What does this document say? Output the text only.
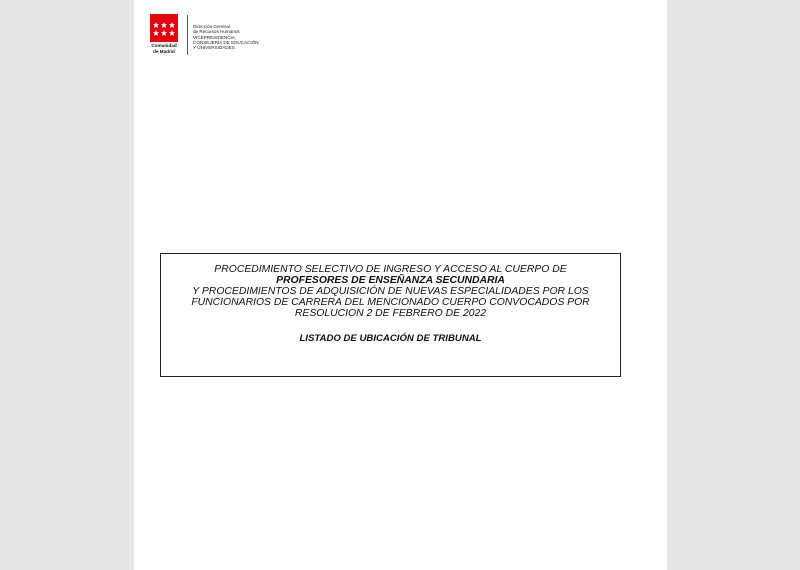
Comunidad
de Madrid
Dirección General
de Recursos Humanos
VICEPRESIDENCIA,
CONSEJERÍA DE EDUCACIÓN
Y UNIVERSIDADES
PROCEDIMIENTO SELECTIVO DE INGRESO Y ACCESO AL CUERPO DE
PROFESORES DE ENSEÑANZA SECUNDARIA
Y PROCEDIMIENTOS DE ADQUISICIÓN DE NUEVAS ESPECIALIDADES POR LOS
FUNCIONARIOS DE CARRERA DEL MENCIONADO CUERPO CONVOCADOS POR
RESOLUCION 2 DE FEBRERO DE 2022
LISTADO DE UBICACIÓN DE TRIBUNAL
